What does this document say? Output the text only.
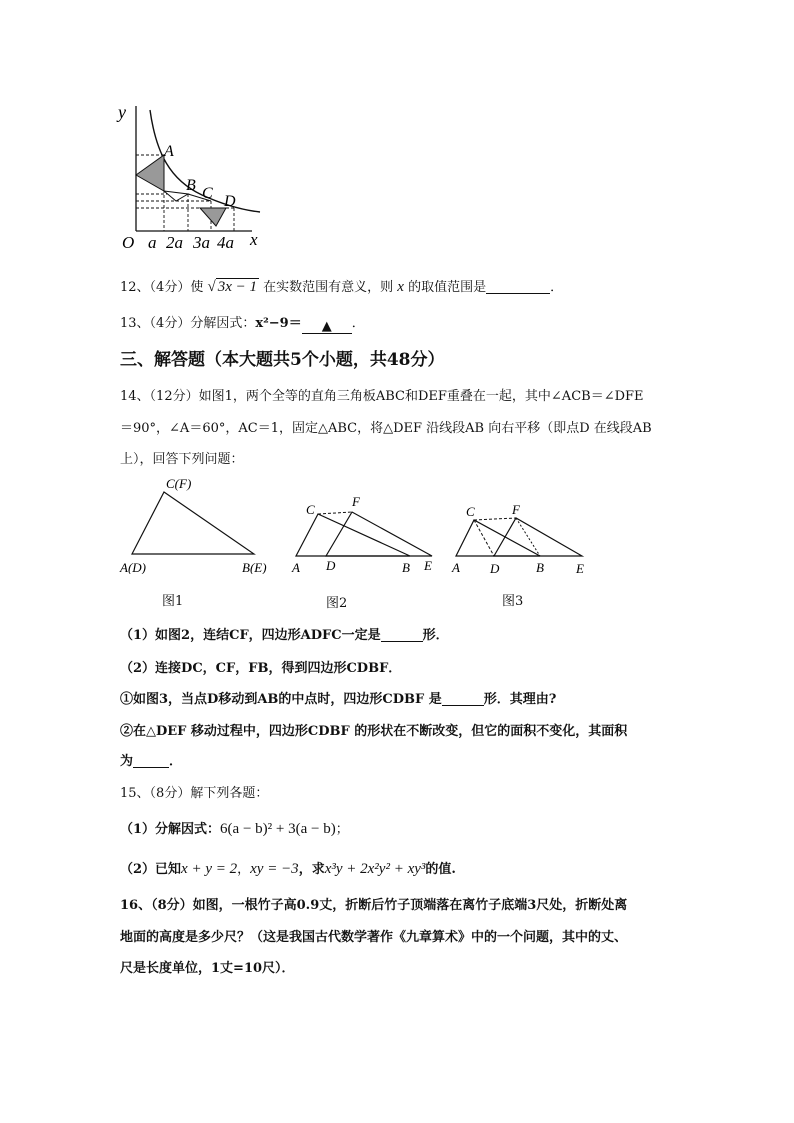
y
x
O a 2a 3a 4a
A
B C D
12、（4分）使 √ 3x − 1 在实数范围有意义，则 x 的取值范围是	．
13、（4分）分解因式：x²−9＝ ▲ ．
三、解答题（本大题共5个小题，共48分）
14、（12分）如图1，两个全等的直角三角板ABC和DEF重叠在一起，其中∠ACB＝∠DFE
＝90°，∠A＝60°，AC＝1，固定△ABC，将△DEF 沿线段AB 向右平移（即点D 在线段AB
上），回答下列问题：
C(F)
A(D)	B(E)
图1
C
F
A D	B E
图2
C	F
A D	B E
图3
（1）如图2，连结CF，四边形ADFC一定是	形．
（2）连接DC，CF，FB，得到四边形CDBF．
①如图3，当点D移动到AB的中点时，四边形CDBF 是	形．其理由?
②在△DEF 移动过程中，四边形CDBF 的形状在不断改变，但它的面积不变化，其面积
为	．
15、（8分）解下列各题：
（1）分解因式：6(a − b)² + 3(a − b)；
（2）已知x + y = 2，xy = −3，求x³y + 2x²y² + xy³的值.
16、（8分）如图，一根竹子高0.9丈，折断后竹子顶端落在离竹子底端3尺处，折断处离
地面的高度是多少尺？（这是我国古代数学著作《九章算术》中的一个问题，其中的丈、
尺是长度单位，1丈=10尺）．
